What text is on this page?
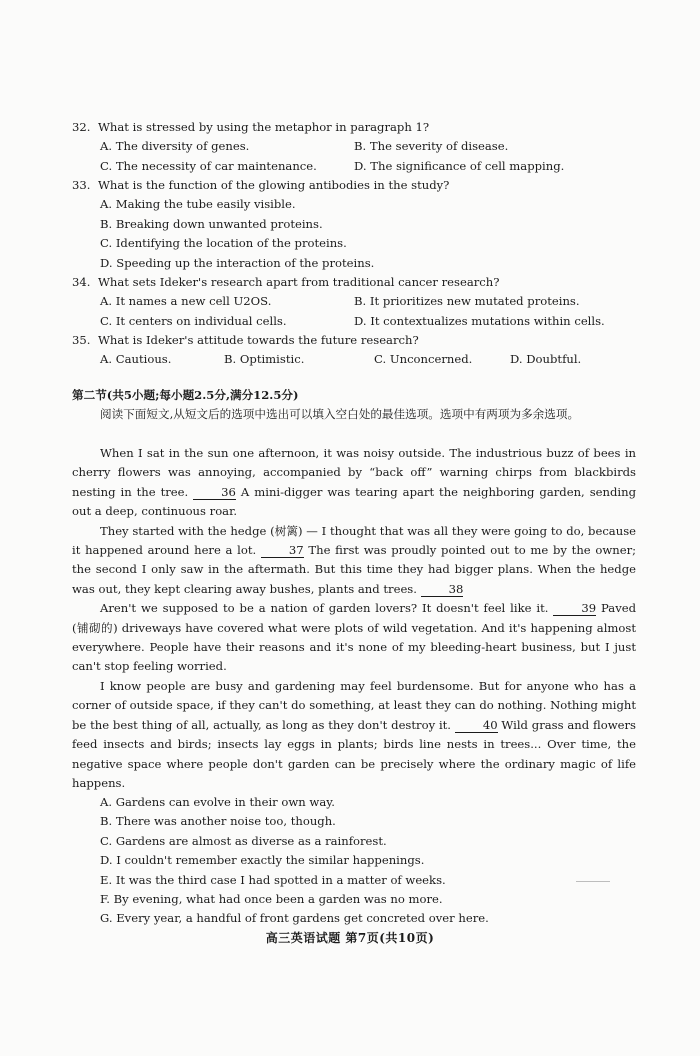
32. What is stressed by using the metaphor in paragraph 1?
A. The diversity of genes.	B. The severity of disease.
C. The necessity of car maintenance.	D. The significance of cell mapping.
33. What is the function of the glowing antibodies in the study?
A. Making the tube easily visible.
B. Breaking down unwanted proteins.
C. Identifying the location of the proteins.
D. Speeding up the interaction of the proteins.
34. What sets Ideker's research apart from traditional cancer research?
A. It names a new cell U2OS.	B. It prioritizes new mutated proteins.
C. It centers on individual cells.	D. It contextualizes mutations within cells.
35. What is Ideker's attitude towards the future research?
A. Cautious.	B. Optimistic.	C. Unconcerned.	D. Doubtful.
第二节(共5小题;每小题2.5分,满分12.5分)
阅读下面短文,从短文后的选项中选出可以填入空白处的最佳选项。选项中有两项为多余选项。

When I sat in the sun one afternoon, it was noisy outside. The industrious buzz of bees in cherry flowers was annoying, accompanied by “back off” warning chirps from blackbirds nesting in the tree.	36 A mini-digger was tearing apart the neighboring garden, sending out a deep, continuous roar.

They started with the hedge (树篱) — I thought that was all they were going to do, because it happened around here a lot.	37 The first was proudly pointed out to me by the owner; the second I only saw in the aftermath. But this time they had bigger plans. When the hedge was out, they kept clearing away bushes, plants and trees.	38

Aren't we supposed to be a nation of garden lovers? It doesn't feel like it.	39 Paved (铺砌的) driveways have covered what were plots of wild vegetation. And it's happening almost everywhere. People have their reasons and it's none of my bleeding-heart business, but I just can't stop feeling worried.

I know people are busy and gardening may feel burdensome. But for anyone who has a corner of outside space, if they can't do something, at least they can do nothing. Nothing might be the best thing of all, actually, as long as they don't destroy it.	40 Wild grass and flowers feed insects and birds; insects lay eggs in plants; birds line nests in trees... Over time, the negative space where people don't garden can be precisely where the ordinary magic of life happens.

A. Gardens can evolve in their own way.
B. There was another noise too, though.
C. Gardens are almost as diverse as a rainforest.
D. I couldn't remember exactly the similar happenings.
E. It was the third case I had spotted in a matter of weeks.
F. By evening, what had once been a garden was no more.
G. Every year, a handful of front gardens get concreted over here.
高三英语试题 第7页(共10页)
